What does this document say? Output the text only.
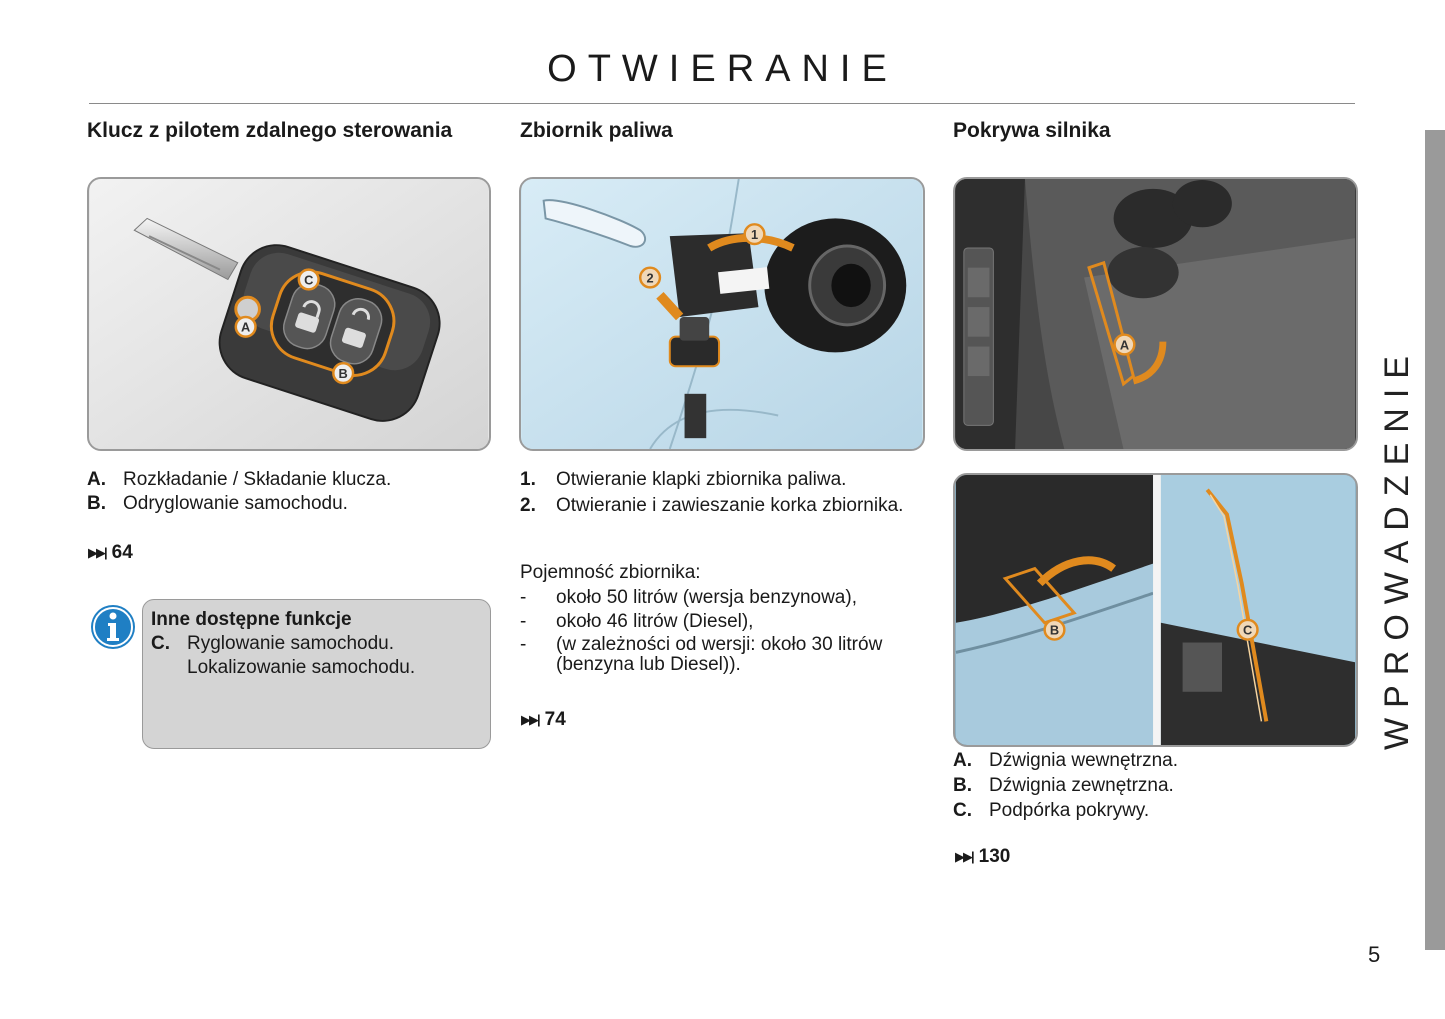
OTWIERANIE
WPROWADZENIE
5
Klucz z pilotem zdalnego sterowania
C
A
B
A. Rozkładanie / Składanie klucza.
B. Odryglowanie samochodu.
▶▶| 64
Inne dostępne funkcje
C. Ryglowanie samochodu.
Lokalizowanie samochodu.
Zbiornik paliwa
1
2
1.	Otwieranie klapki zbiornika paliwa.
2.	Otwieranie i zawieszanie korka zbiornika.
Pojemność zbiornika:
-	około 50 litrów (wersja benzynowa),
-	około 46 litrów (Diesel),
-	(w zależności od wersji: około 30 litrów (benzyna lub Diesel)).
▶▶| 74
Pokrywa silnika
A
B	C
A. Dźwignia wewnętrzna.
B. Dźwignia zewnętrzna.
C. Podpórka pokrywy.
▶▶| 130
